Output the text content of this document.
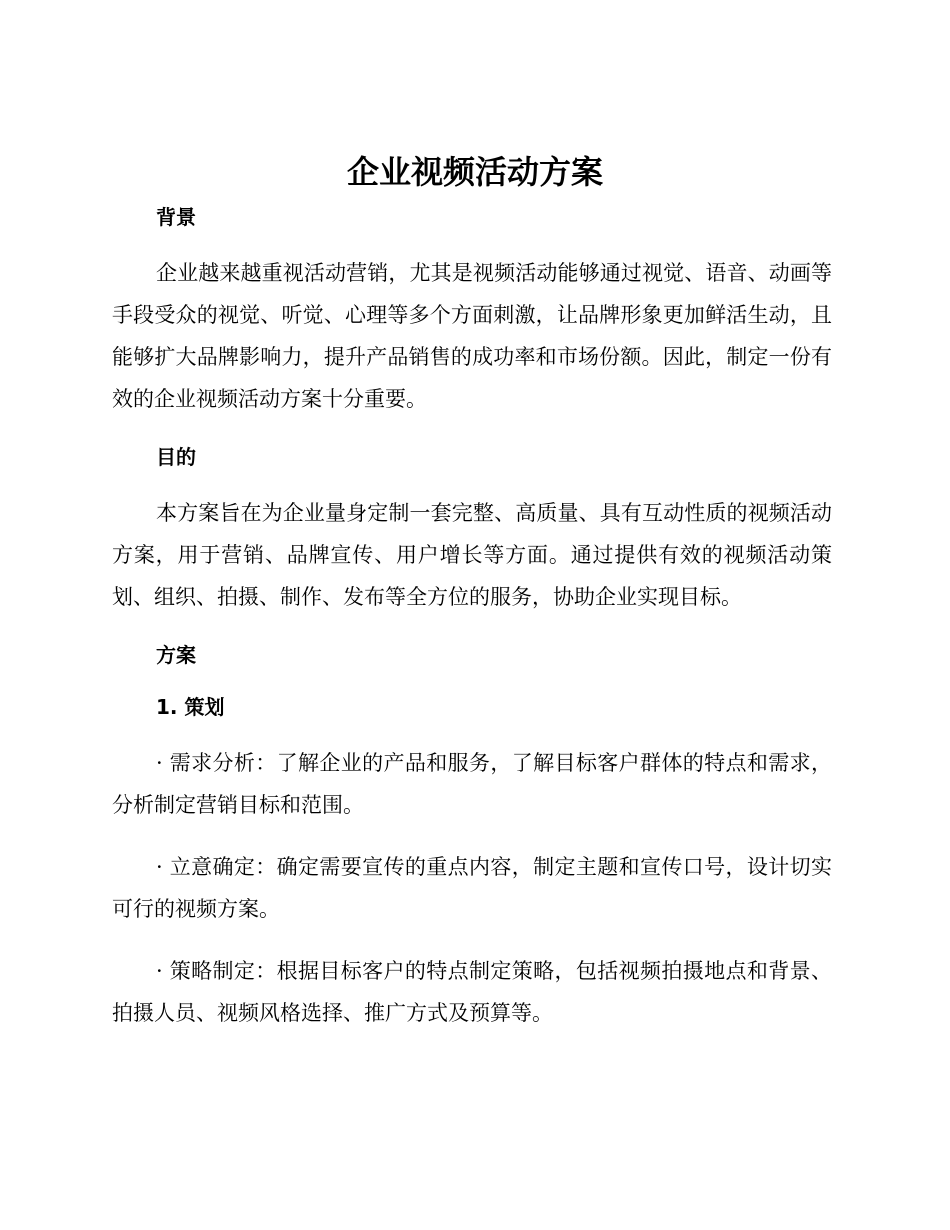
企业视频活动方案
背景

企业越来越重视活动营销，尤其是视频活动能够通过视觉、语音、动画等手段受众的视觉、听觉、心理等多个方面刺激，让品牌形象更加鲜活生动，且能够扩大品牌影响力，提升产品销售的成功率和市场份额。因此，制定一份有效的企业视频活动方案十分重要。

目的

本方案旨在为企业量身定制一套完整、高质量、具有互动性质的视频活动方案，用于营销、品牌宣传、用户增长等方面。通过提供有效的视频活动策划、组织、拍摄、制作、发布等全方位的服务，协助企业实现目标。

方案
1. 策划

· 需求分析：了解企业的产品和服务，了解目标客户群体的特点和需求，分析制定营销目标和范围。

· 立意确定：确定需要宣传的重点内容，制定主题和宣传口号，设计切实可行的视频方案。

· 策略制定：根据目标客户的特点制定策略，包括视频拍摄地点和背景、拍摄人员、视频风格选择、推广方式及预算等。
